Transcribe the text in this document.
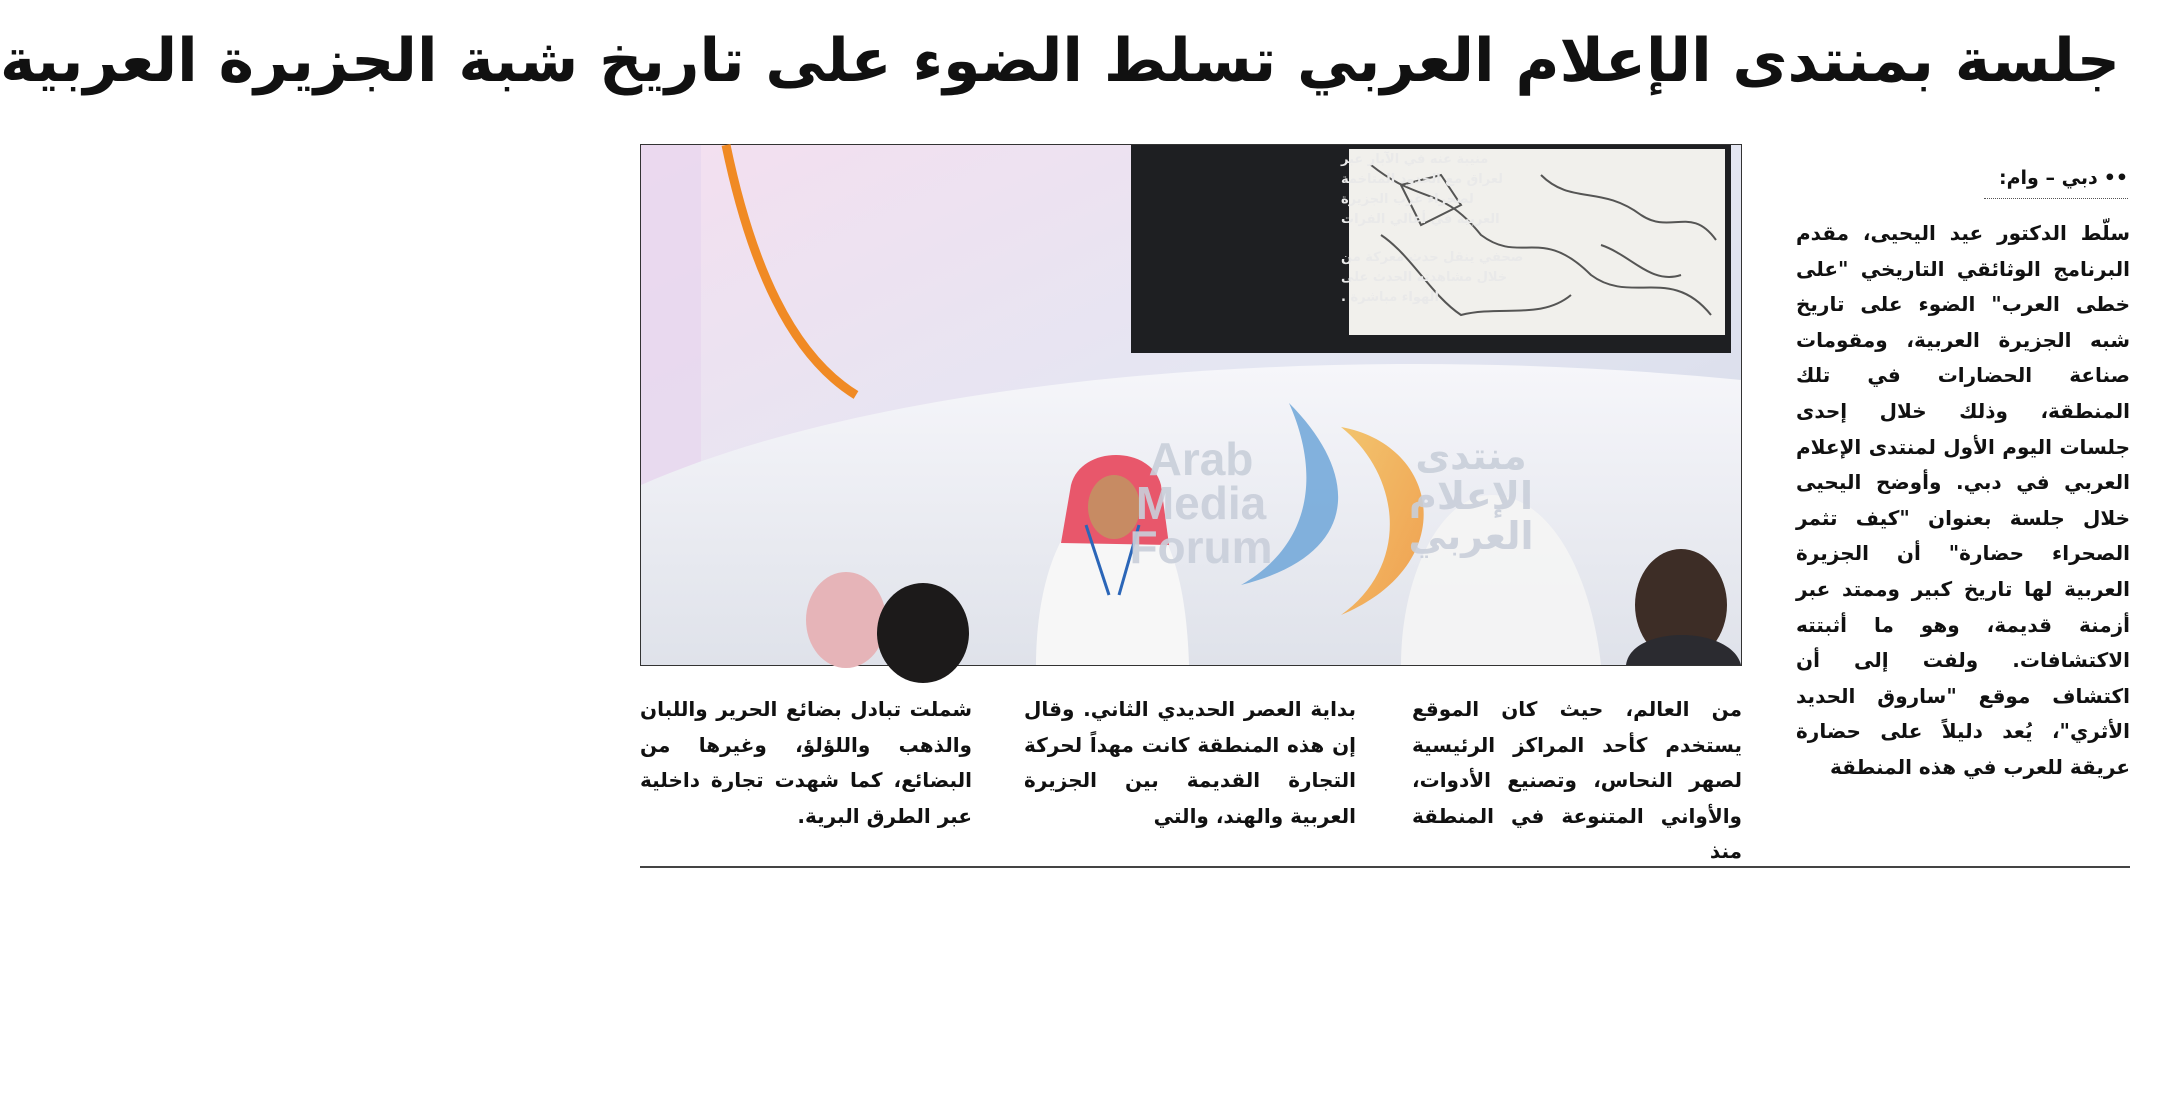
جلسة بمنتدى الإعلام العربي تسلط الضوء على تاريخ شبة الجزيرة العربية
منيبة عنه في الآبار عبر
لعراق مع الحدود المتاخمة
لصحراء غرب الجزيرة
العربية في أعالي الفرات
صحفي ينقل حدث معركة من
خلال مشاهدته الحدث على
الهواء مباشرة .
Arab
Media
Forum
منتدى
الإعلام
العربي
••دبي – وام:

سلّط الدكتور عيد اليحيى، مقدم البرنامج الوثائقي التاريخي "على خطى العرب" الضوء على تاريخ شبه الجزيرة العربية، ومقومات صناعة الحضارات في تلك المنطقة، وذلك خلال إحدى جلسات اليوم الأول لمنتدى الإعلام العربي في دبي. وأوضح اليحيى خلال جلسة بعنوان "كيف تثمر الصحراء حضارة" أن الجزيرة العربية لها تاريخ كبير وممتد عبر أزمنة قديمة، وهو ما أثبتته الاكتشافات. ولفت إلى أن اكتشاف موقع "ساروق الحديد الأثري"، يُعد دليلاً على حضارة عريقة للعرب في هذه المنطقة

من العالم، حيث كان الموقع يستخدم كأحد المراكز الرئيسية لصهر النحاس، وتصنيع الأدوات، والأواني المتنوعة في المنطقة منذ

بداية العصر الحديدي الثاني. وقال إن هذه المنطقة كانت مهداً لحركة التجارة القديمة بين الجزيرة العربية والهند، والتي

شملت تبادل بضائع الحرير واللبان والذهب واللؤلؤ، وغيرها من البضائع، كما شهدت تجارة داخلية عبر الطرق البرية.
